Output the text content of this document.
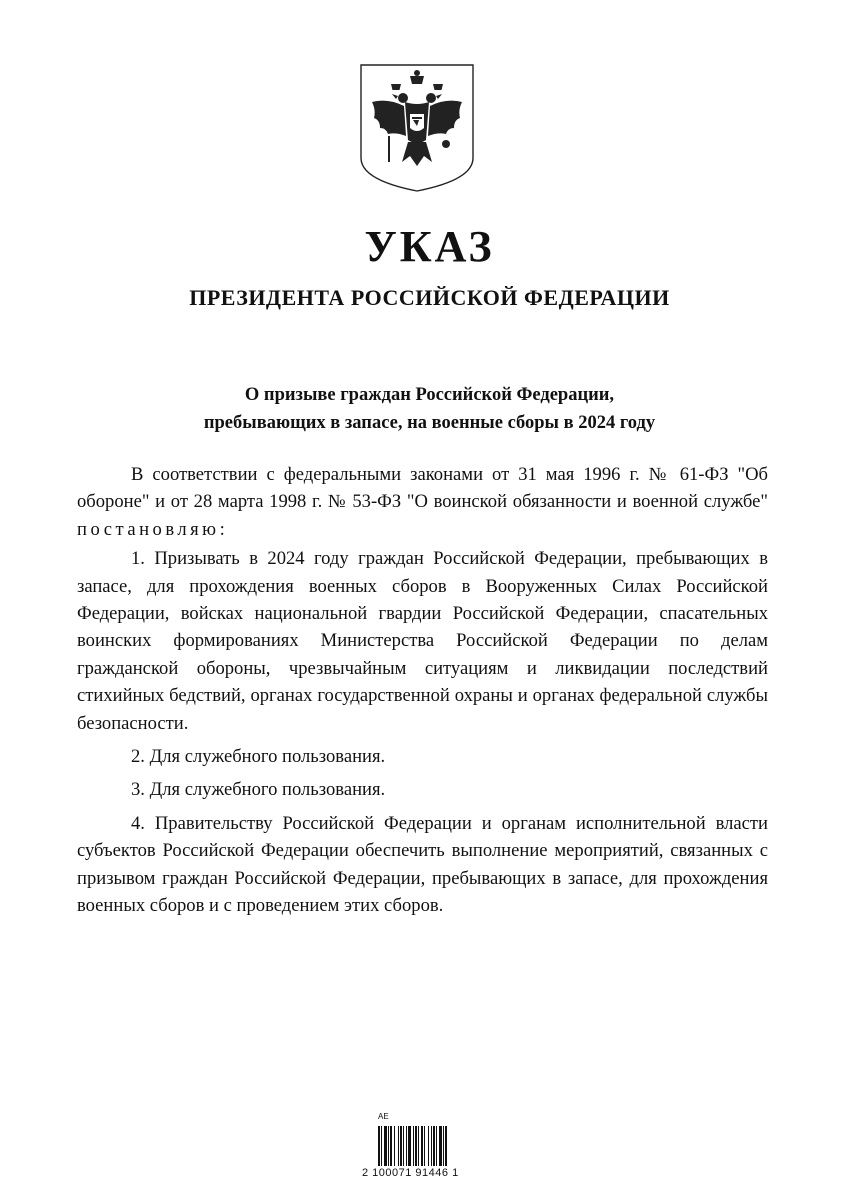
УКАЗ
ПРЕЗИДЕНТА РОССИЙСКОЙ ФЕДЕРАЦИИ
О призыве граждан Российской Федерации,
пребывающих в запасе, на военные сборы в 2024 году

В соответствии с федеральными законами от 31 мая 1996 г. № 61-ФЗ "Об обороне" и от 28 марта 1998 г. № 53-ФЗ "О воинской обязанности и военной службе" постановляю:

1. Призывать в 2024 году граждан Российской Федерации, пребывающих в запасе, для прохождения военных сборов в Вооруженных Силах Российской Федерации, войсках национальной гвардии Российской Федерации, спасательных воинских формированиях Министерства Российской Федерации по делам гражданской обороны, чрезвычайным ситуациям и ликвидации последствий стихийных бедствий, органах государственной охраны и органах федеральной службы безопасности.

2. Для служебного пользования.

3. Для служебного пользования.

4. Правительству Российской Федерации и органам исполнительной власти субъектов Российской Федерации обеспечить выполнение мероприятий, связанных с призывом граждан Российской Федерации, пребывающих в запасе, для прохождения военных сборов и с проведением этих сборов.

АЕ
2 100071 91446 1
